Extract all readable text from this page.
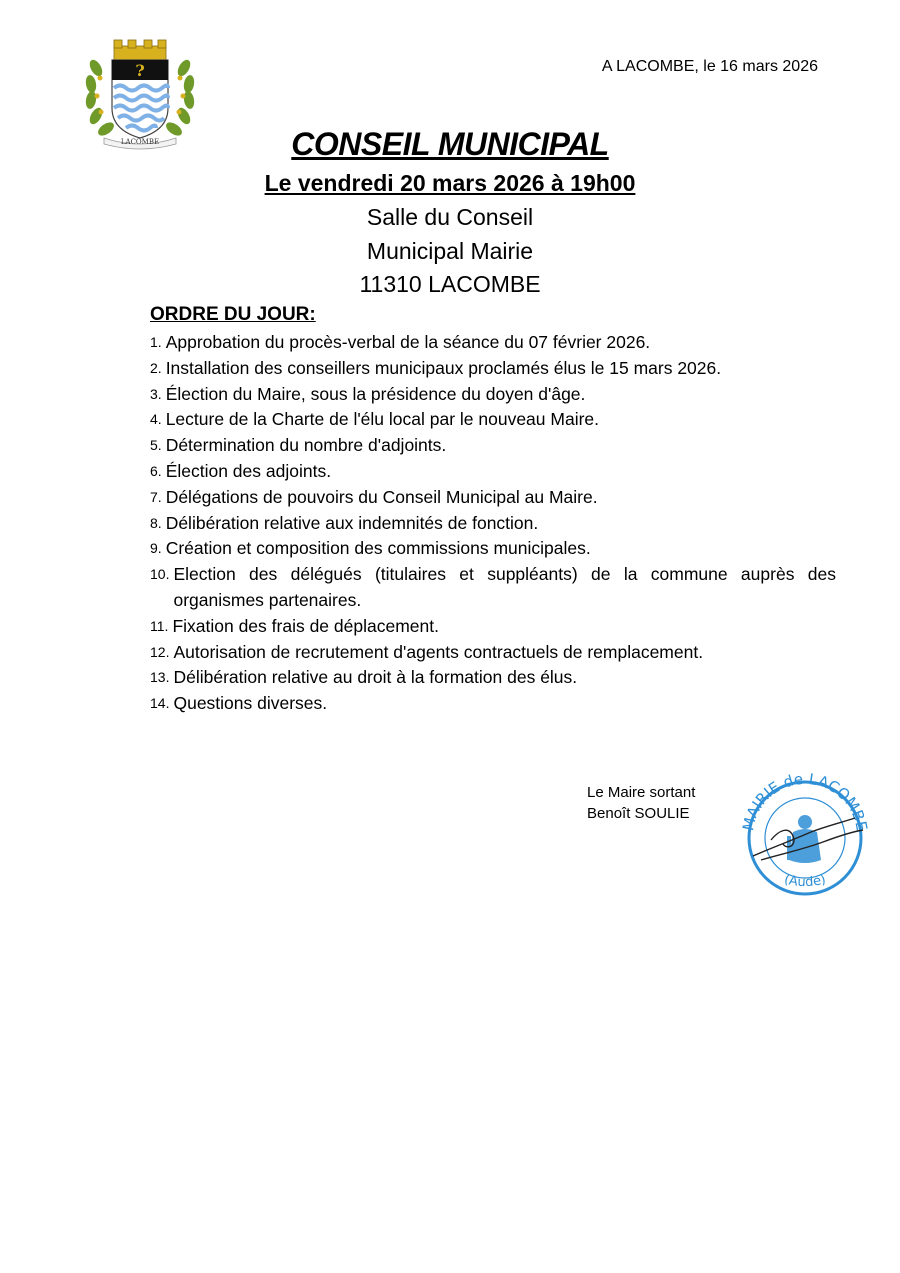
?
LACOMBE
A LACOMBE, le 16 mars 2026
CONSEIL MUNICIPAL
Le vendredi 20 mars 2026 à 19h00
Salle du Conseil
Municipal Mairie
11310 LACOMBE
ORDRE DU JOUR:
1. Approbation du procès-verbal de la séance du 07 février 2026.
2. Installation des conseillers municipaux proclamés élus le 15 mars 2026.
3. Élection du Maire, sous la présidence du doyen d'âge.
4. Lecture de la Charte de l'élu local par le nouveau Maire.
5. Détermination du nombre d'adjoints.
6. Élection des adjoints.
7. Délégations de pouvoirs du Conseil Municipal au Maire.
8. Délibération relative aux indemnités de fonction.
9. Création et composition des commissions municipales.
10. Election des délégués (titulaires et suppléants) de la commune auprès des organismes partenaires.
11. Fixation des frais de déplacement.
12. Autorisation de recrutement d'agents contractuels de remplacement.
13. Délibération relative au droit à la formation des élus.
14. Questions diverses.
Le Maire sortant
Benoît SOULIE
MAIRIE de LACOMBE
(Aude)
